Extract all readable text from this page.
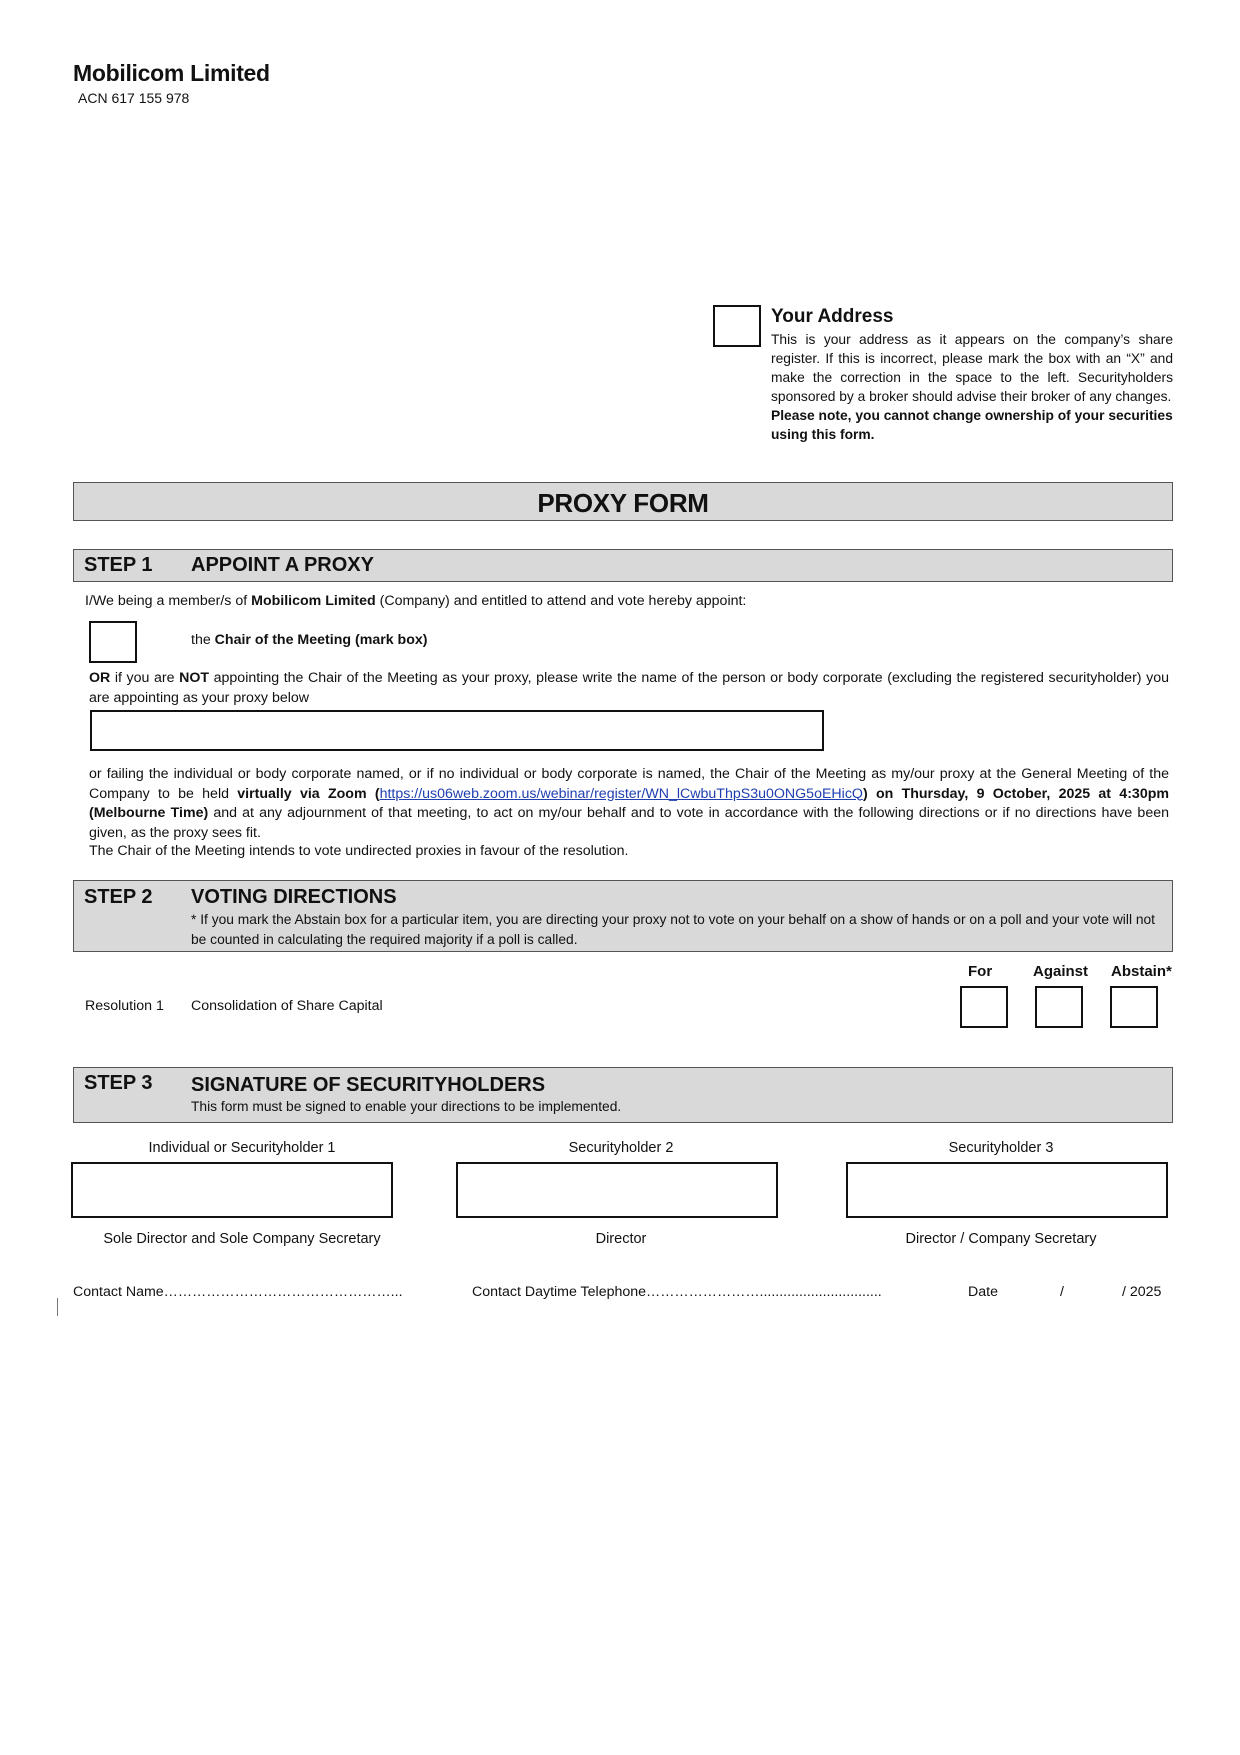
Mobilicom Limited
ACN 617 155 978
Your Address
This is your address as it appears on the company’s share register. If this is incorrect, please mark the box with an “X” and make the correction in the space to the left. Securityholders sponsored by a broker should advise their broker of any changes.
Please note, you cannot change ownership of your securities using this form.
PROXY FORM
STEP 1 APPOINT A PROXY
I/We being a member/s of Mobilicom Limited (Company) and entitled to attend and vote hereby appoint:
the Chair of the Meeting (mark box)
OR if you are NOT appointing the Chair of the Meeting as your proxy, please write the name of the person or body corporate (excluding the registered securityholder) you are appointing as your proxy below
or failing the individual or body corporate named, or if no individual or body corporate is named, the Chair of the Meeting as my/our proxy at the General Meeting of the Company to be held virtually via Zoom (https://us06web.zoom.us/webinar/register/WN_lCwbuThpS3u0ONG5oEHicQ) on Thursday, 9 October, 2025 at 4:30pm (Melbourne Time) and at any adjournment of that meeting, to act on my/our behalf and to vote in accordance with the following directions or if no directions have been given, as the proxy sees fit.
The Chair of the Meeting intends to vote undirected proxies in favour of the resolution.
STEP 2 VOTING DIRECTIONS
* If you mark the Abstain box for a particular item, you are directing your proxy not to vote on your behalf on a show of hands or on a poll and your vote will not be counted in calculating the required majority if a poll is called.
For	Against Abstain*
Resolution 1 Consolidation of Share Capital
STEP 3 SIGNATURE OF SECURITYHOLDERS
This form must be signed to enable your directions to be implemented.
Individual or Securityholder 1	Securityholder 2	Securityholder 3
Sole Director and Sole Company Secretary	Director	Director / Company Secretary
Contact Name…………………………………………...	Contact Daytime Telephone……………………...............................	Date	/	/ 2025
